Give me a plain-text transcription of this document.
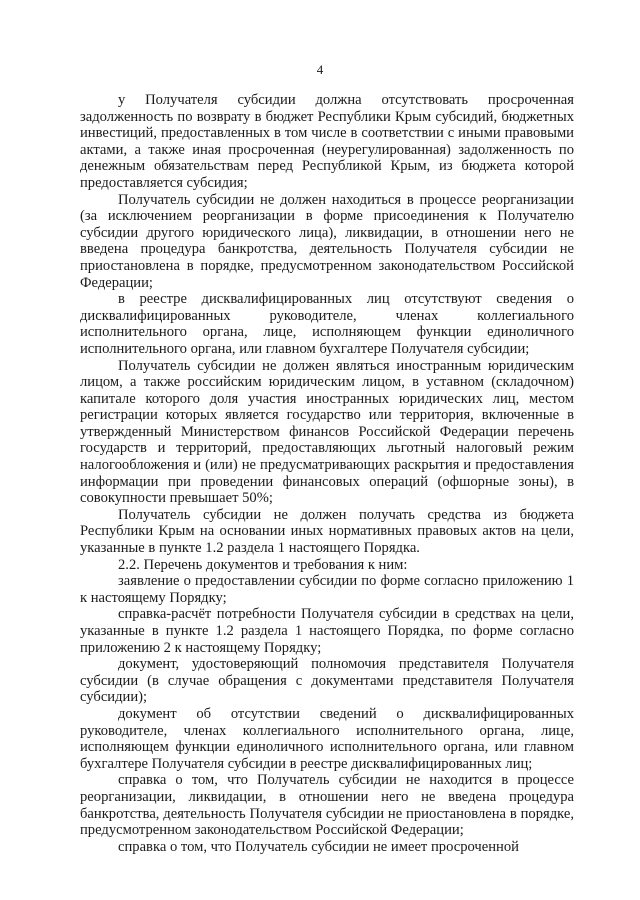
4

у Получателя субсидии должна отсутствовать просроченная задолженность по возврату в бюджет Республики Крым субсидий, бюджетных инвестиций, предоставленных в том числе в соответствии с иными правовыми актами, а также иная просроченная (неурегулированная) задолженность по денежным обязательствам перед Республикой Крым, из бюджета которой предоставляется субсидия;

Получатель субсидии не должен находиться в процессе реорганизации (за исключением реорганизации в форме присоединения к Получателю субсидии другого юридического лица), ликвидации, в отношении него не введена процедура банкротства, деятельность Получателя субсидии не приостановлена в порядке, предусмотренном законодательством Российской Федерации;

в реестре дисквалифицированных лиц отсутствуют сведения о дисквалифицированных руководителе, членах коллегиального исполнительного органа, лице, исполняющем функции единоличного исполнительного органа, или главном бухгалтере Получателя субсидии;

Получатель субсидии не должен являться иностранным юридическим лицом, а также российским юридическим лицом, в уставном (складочном) капитале которого доля участия иностранных юридических лиц, местом регистрации которых является государство или территория, включенные в утвержденный Министерством финансов Российской Федерации перечень государств и территорий, предоставляющих льготный налоговый режим налогообложения и (или) не предусматривающих раскрытия и предоставления информации при проведении финансовых операций (офшорные зоны), в совокупности превышает 50%;

Получатель субсидии не должен получать средства из бюджета Республики Крым на основании иных нормативных правовых актов на цели, указанные в пункте 1.2 раздела 1 настоящего Порядка.

2.2. Перечень документов и требования к ним:

заявление о предоставлении субсидии по форме согласно приложению 1 к настоящему Порядку;

справка-расчёт потребности Получателя субсидии в средствах на цели, указанные в пункте 1.2 раздела 1 настоящего Порядка, по форме согласно приложению 2 к настоящему Порядку;

документ, удостоверяющий полномочия представителя Получателя субсидии (в случае обращения с документами представителя Получателя субсидии);

документ об отсутствии сведений о дисквалифицированных руководителе, членах коллегиального исполнительного органа, лице, исполняющем функции единоличного исполнительного органа, или главном бухгалтере Получателя субсидии в реестре дисквалифицированных лиц;

справка о том, что Получатель субсидии не находится в процессе реорганизации, ликвидации, в отношении него не введена процедура банкротства, деятельность Получателя субсидии не приостановлена в порядке, предусмотренном законодательством Российской Федерации;

справка о том, что Получатель субсидии не имеет просроченной
